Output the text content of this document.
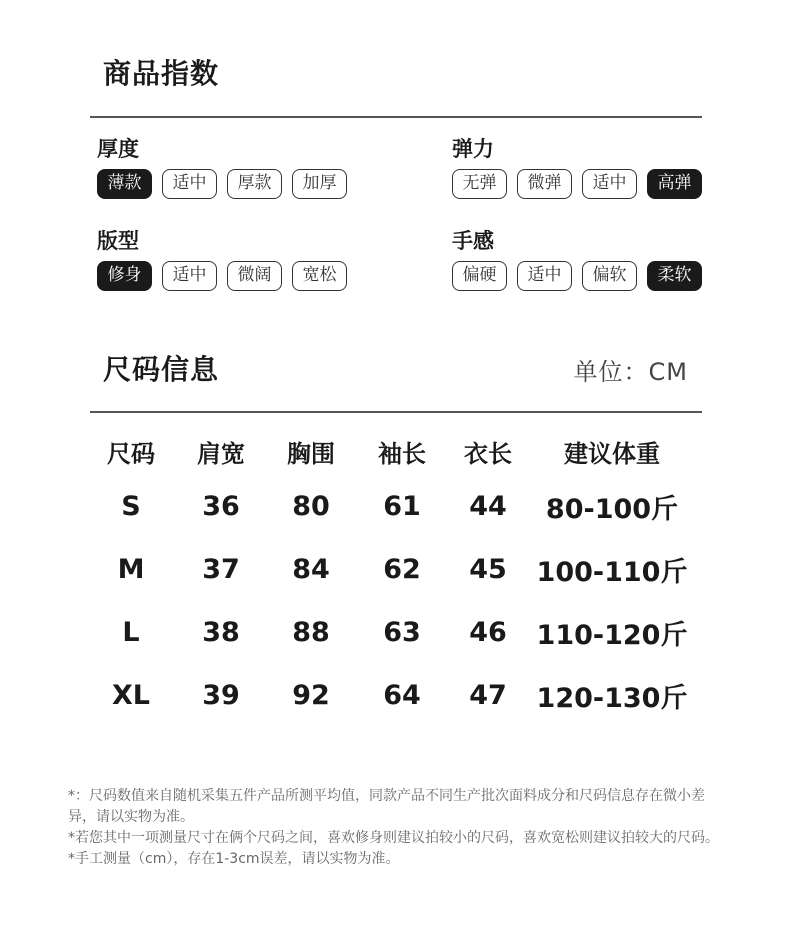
商品指数
厚度
薄款	适中	厚款	加厚
弹力
无弹	微弹	适中	高弹
版型
修身	适中	微阔	宽松
手感
偏硬	适中	偏软	柔软
尺码信息	单位：CM
尺码	肩宽	胸围	袖长	衣长	建议体重
S	36	80	61	44	80-100斤
M	37	84	62	45	100-110斤
L	38	88	63	46	110-120斤
XL	39	92	64	47	120-130斤

*：尺码数值来自随机采集五件产品所测平均值，同款产品不同生产批次面料成分和尺码信息存在微小差异，请以实物为准。

*若您其中一项测量尺寸在俩个尺码之间，喜欢修身则建议拍较小的尺码，喜欢宽松则建议拍较大的尺码。

*手工测量（cm），存在1-3cm误差，请以实物为准。
